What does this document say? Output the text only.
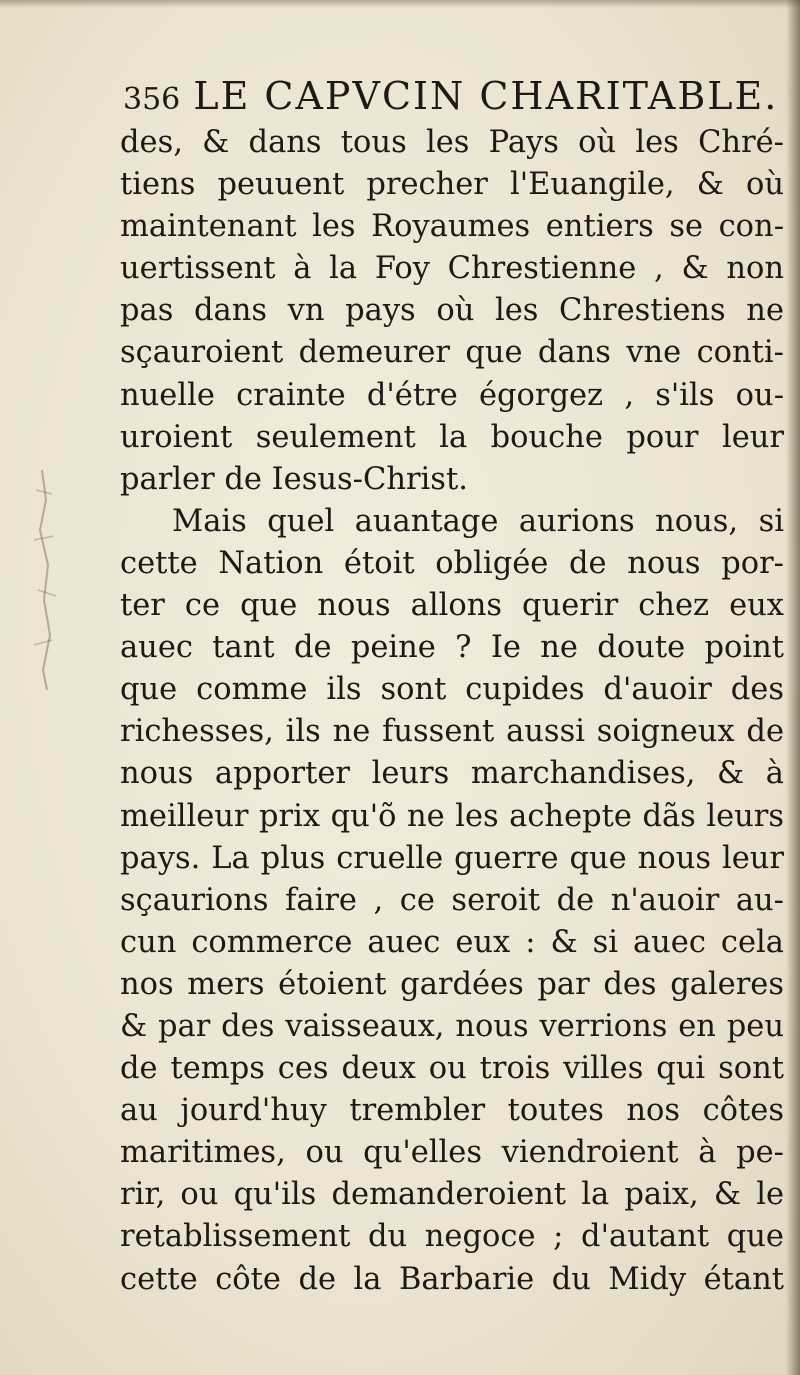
356 LE CAPVCIN CHARITABLE.
des, & dans tous les Pays où les Chré-
tiens peuuent precher l'Euangile, & où
maintenant les Royaumes entiers se con-
uertissent à la Foy Chrestienne , & non
pas dans vn pays où les Chrestiens ne
sçauroient demeurer que dans vne conti-
nuelle crainte d'étre égorgez , s'ils ou-
uroient seulement la bouche pour leur
parler de Iesus-Christ.
Mais quel auantage aurions nous, si
cette Nation étoit obligée de nous por-
ter ce que nous allons querir chez eux
auec tant de peine ? Ie ne doute point
que comme ils sont cupides d'auoir des
richesses, ils ne fussent aussi soigneux de
nous apporter leurs marchandises, & à
meilleur prix qu'õ ne les achepte dãs leurs
pays. La plus cruelle guerre que nous leur
sçaurions faire , ce seroit de n'auoir au-
cun commerce auec eux : & si auec cela
nos mers étoient gardées par des galeres
& par des vaisseaux, nous verrions en peu
de temps ces deux ou trois villes qui sont
au jourd'huy trembler toutes nos côtes
maritimes, ou qu'elles viendroient à pe-
rir, ou qu'ils demanderoient la paix, & le
retablissement du negoce ; d'autant que
cette côte de la Barbarie du Midy étant
